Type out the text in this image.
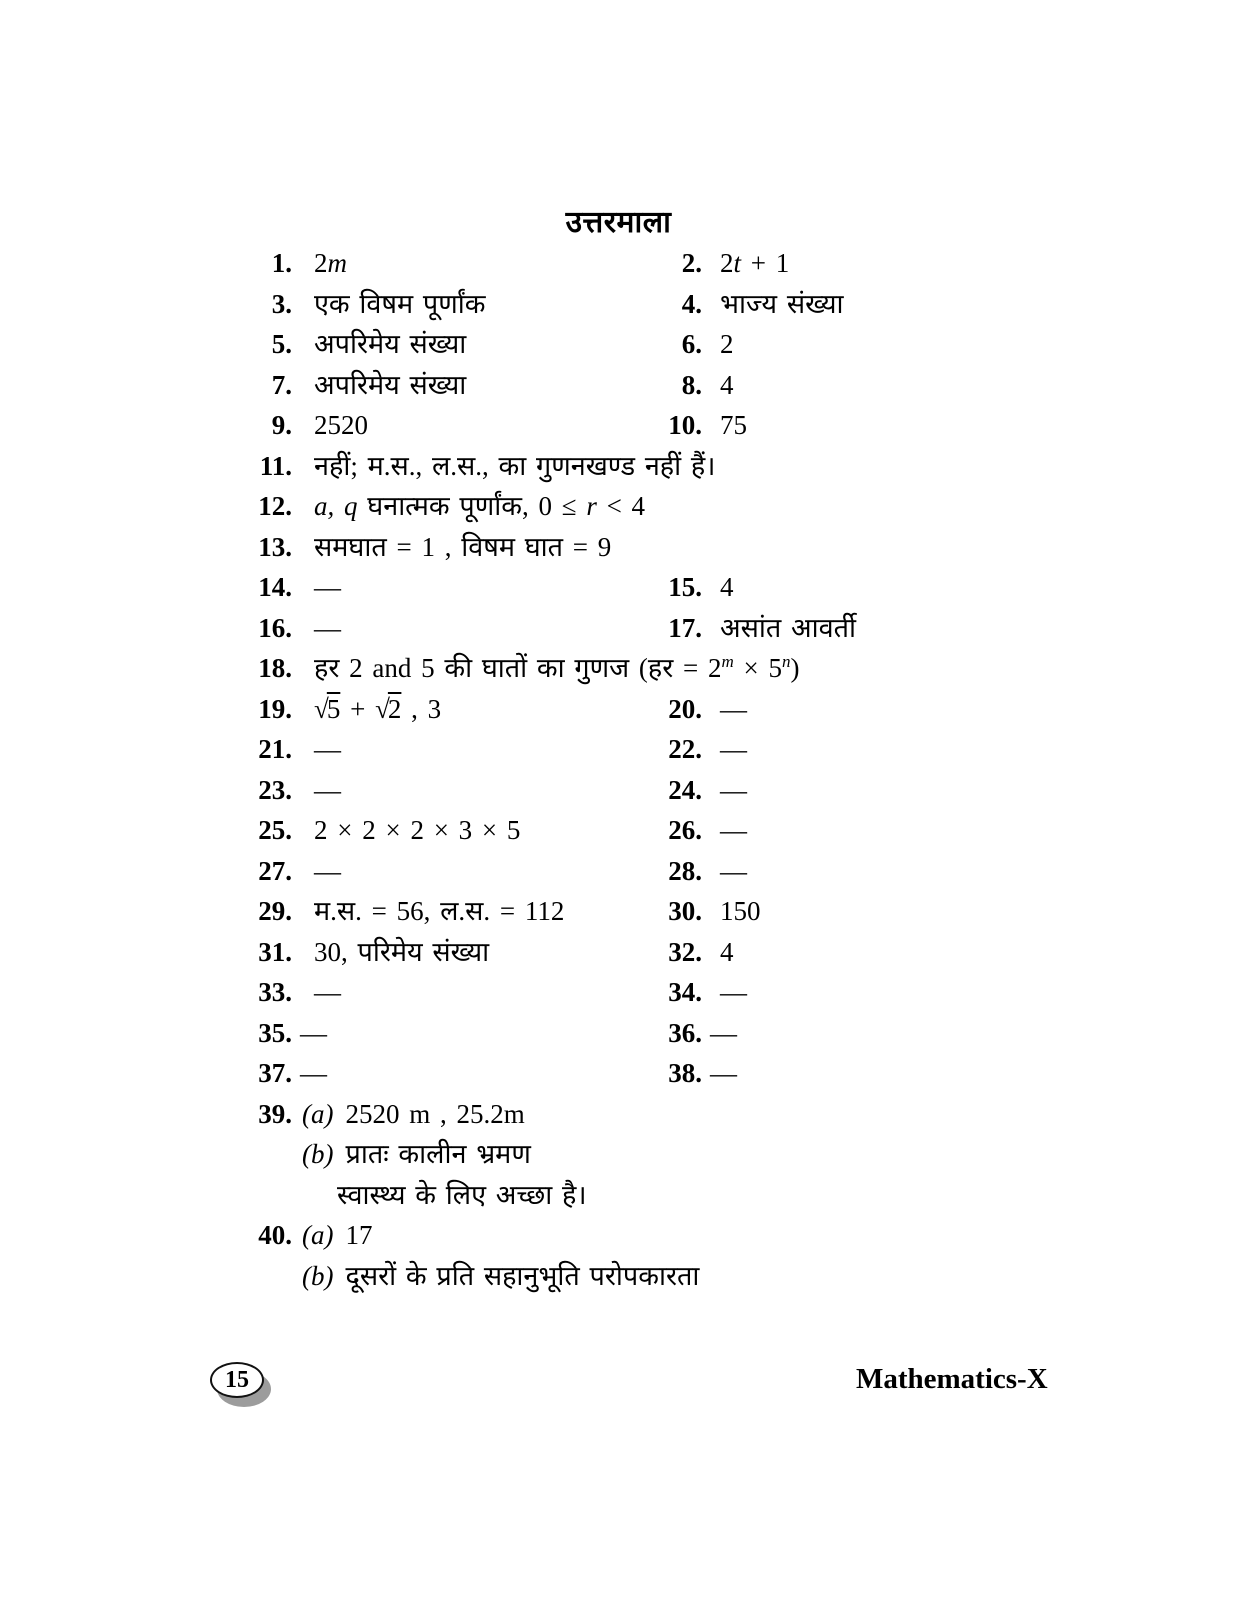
उत्तरमाला
1. 2m	2. 2t + 1
3. एक विषम पूर्णांक	4. भाज्य संख्या
5. अपरिमेय संख्या	6. 2
7. अपरिमेय संख्या	8. 4
9. 2520	10. 75
11. नहीं; म.स., ल.स., का गुणनखण्ड नहीं हैं।
12. a, q घनात्मक पूर्णांक, 0 ≤ r < 4
13. समघात = 1 , विषम घात = 9
14. —	15. 4
16. —	17. असांत आवर्ती
18. हर 2 and 5 की घातों का गुणज (हर = $2^m \times 5^n$)
19. √5 + √2 , 3	20. —
21. —	22. —
23. —	24. —
25. 2 × 2 × 2 × 3 × 5	26. —
27. —	28. —
29. म.स. = 56, ल.स. = 112	30. 150
31. 30, परिमेय संख्या	32. 4
33. —	34. —
35. —	36. —
37. —	38. —
39. (a) 2520 m , 25.2m
(b) प्रातः कालीन भ्रमण
स्वास्थ्य के लिए अच्छा है।
40. (a) 17
(b) दूसरों के प्रति सहानुभूति परोपकारता
15	Mathematics-X
